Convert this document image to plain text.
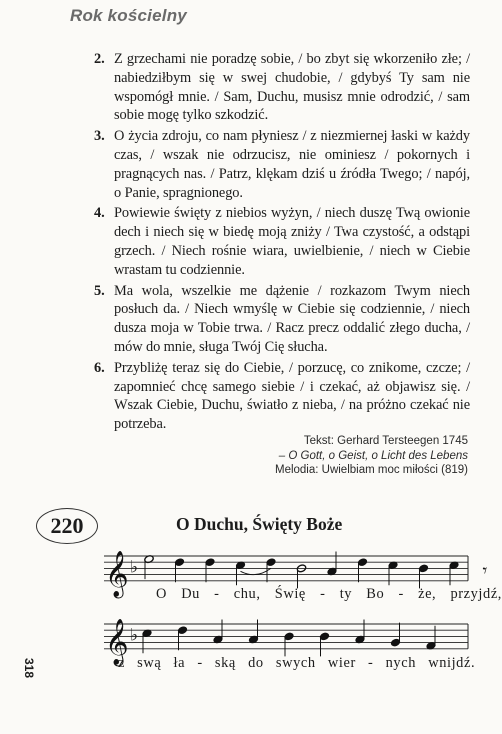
Rok kościelny
2. Z grzechami nie poradzę sobie, / bo zbyt się wkorzeniło złe; / nabiedziłbym się w swej chudobie, / gdybyś Ty sam nie wspomógł mnie. / Sam, Duchu, musisz mnie odrodzić, / sam sobie mogę tylko szkodzić.
3. O życia zdroju, co nam płyniesz / z niezmiernej łaski w każdy czas, / wszak nie odrzucisz, nie ominiesz / pokornych i pragnących nas. / Patrz, klękam dziś u źródła Twego; / napój, o Panie, spragnionego.
4. Powiewie święty z niebios wyżyn, / niech duszę Twą owionie dech i niech się w biedę moją zniży / Twa czystość, a odstąpi grzech. / Niech rośnie wiara, uwielbienie, / niech w Ciebie wrastam tu codziennie.
5. Ma wola, wszelkie me dążenie / rozkazom Twym niech posłuch da. / Niech wmyślę w Ciebie się codziennie, / niech dusza moja w Tobie trwa. / Racz precz oddalić złego ducha, / mów do mnie, sługa Twój Cię słucha.
6. Przybliżę teraz się do Ciebie, / porzucę, co znikome, czcze; / zapomnieć chcę samego siebie / i czekać, aż objawisz się. / Wszak Ciebie, Duchu, światło z nieba, / na próżno czekać nie potrzeba.
Tekst: Gerhard Tersteegen 1745
– O Gott, o Geist, o Licht des Lebens
Melodia: Uwielbiam moc miłości (819)
220	O Duchu, Święty Boże
𝄞 ♭	𝄾
𝄞 ♭
O Du - chu, Świę - ty Bo - że, przyjdź,
z swą ła - ską do swych wier - nych wnijdź.
318
